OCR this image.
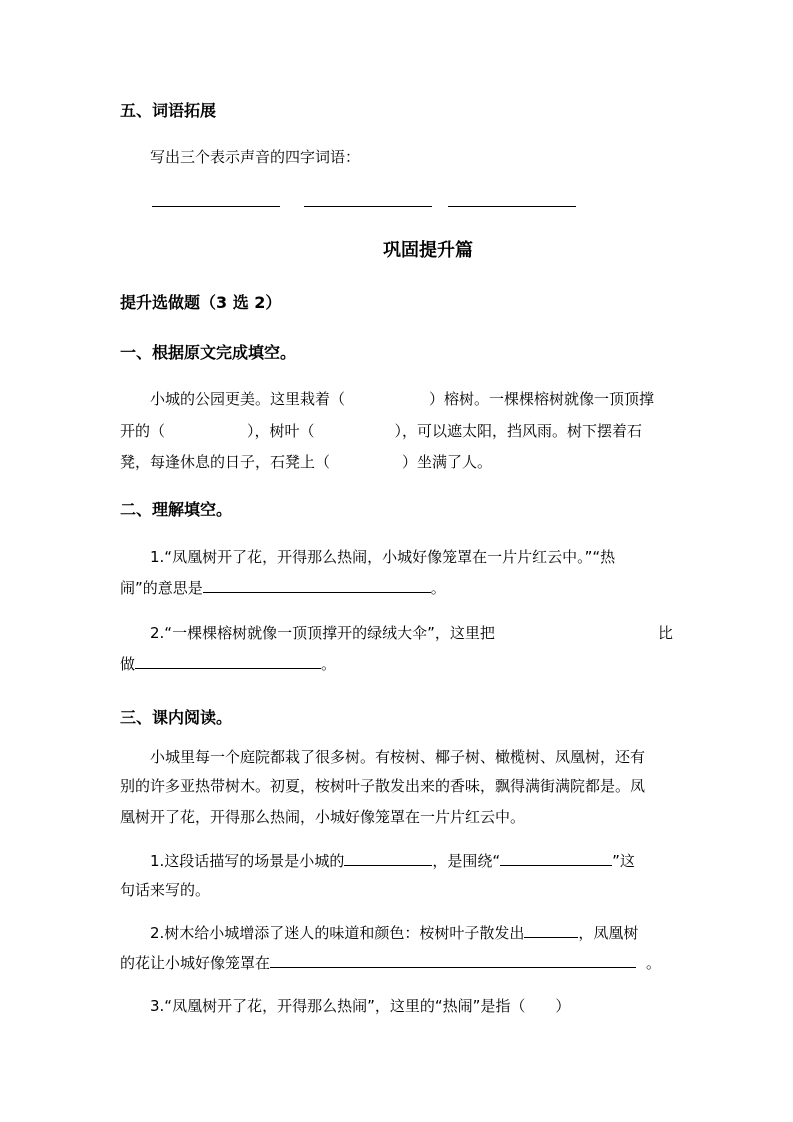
五、词语拓展
写出三个表示声音的四字词语：
巩固提升篇
提升选做题（3 选 2）
一、根据原文完成填空。
小城的公园更美。这里栽着（	）榕树。一棵棵榕树就像一顶顶撑
开的（	），树叶（	），可以遮太阳，挡风雨。树下摆着石
凳，每逢休息的日子，石凳上（	）坐满了人。
二、理解填空。
1.“凤凰树开了花，开得那么热闹，小城好像笼罩在一片片红云中。”“热
闹”的意思是	。
2.“一棵棵榕树就像一顶顶撑开的绿绒大伞”，这里把	比
做	。
三、课内阅读。
小城里每一个庭院都栽了很多树。有桉树、椰子树、橄榄树、凤凰树，还有
别的许多亚热带树木。初夏，桉树叶子散发出来的香味，飘得满街满院都是。凤
凰树开了花，开得那么热闹，小城好像笼罩在一片片红云中。
1.这段话描写的场景是小城的	，是围绕“	”这
句话来写的。
2.树木给小城增添了迷人的味道和颜色：桉树叶子散发出	，凤凰树
的花让小城好像笼罩在	。
3.“凤凰树开了花，开得那么热闹”，这里的“热闹”是指（　　）
